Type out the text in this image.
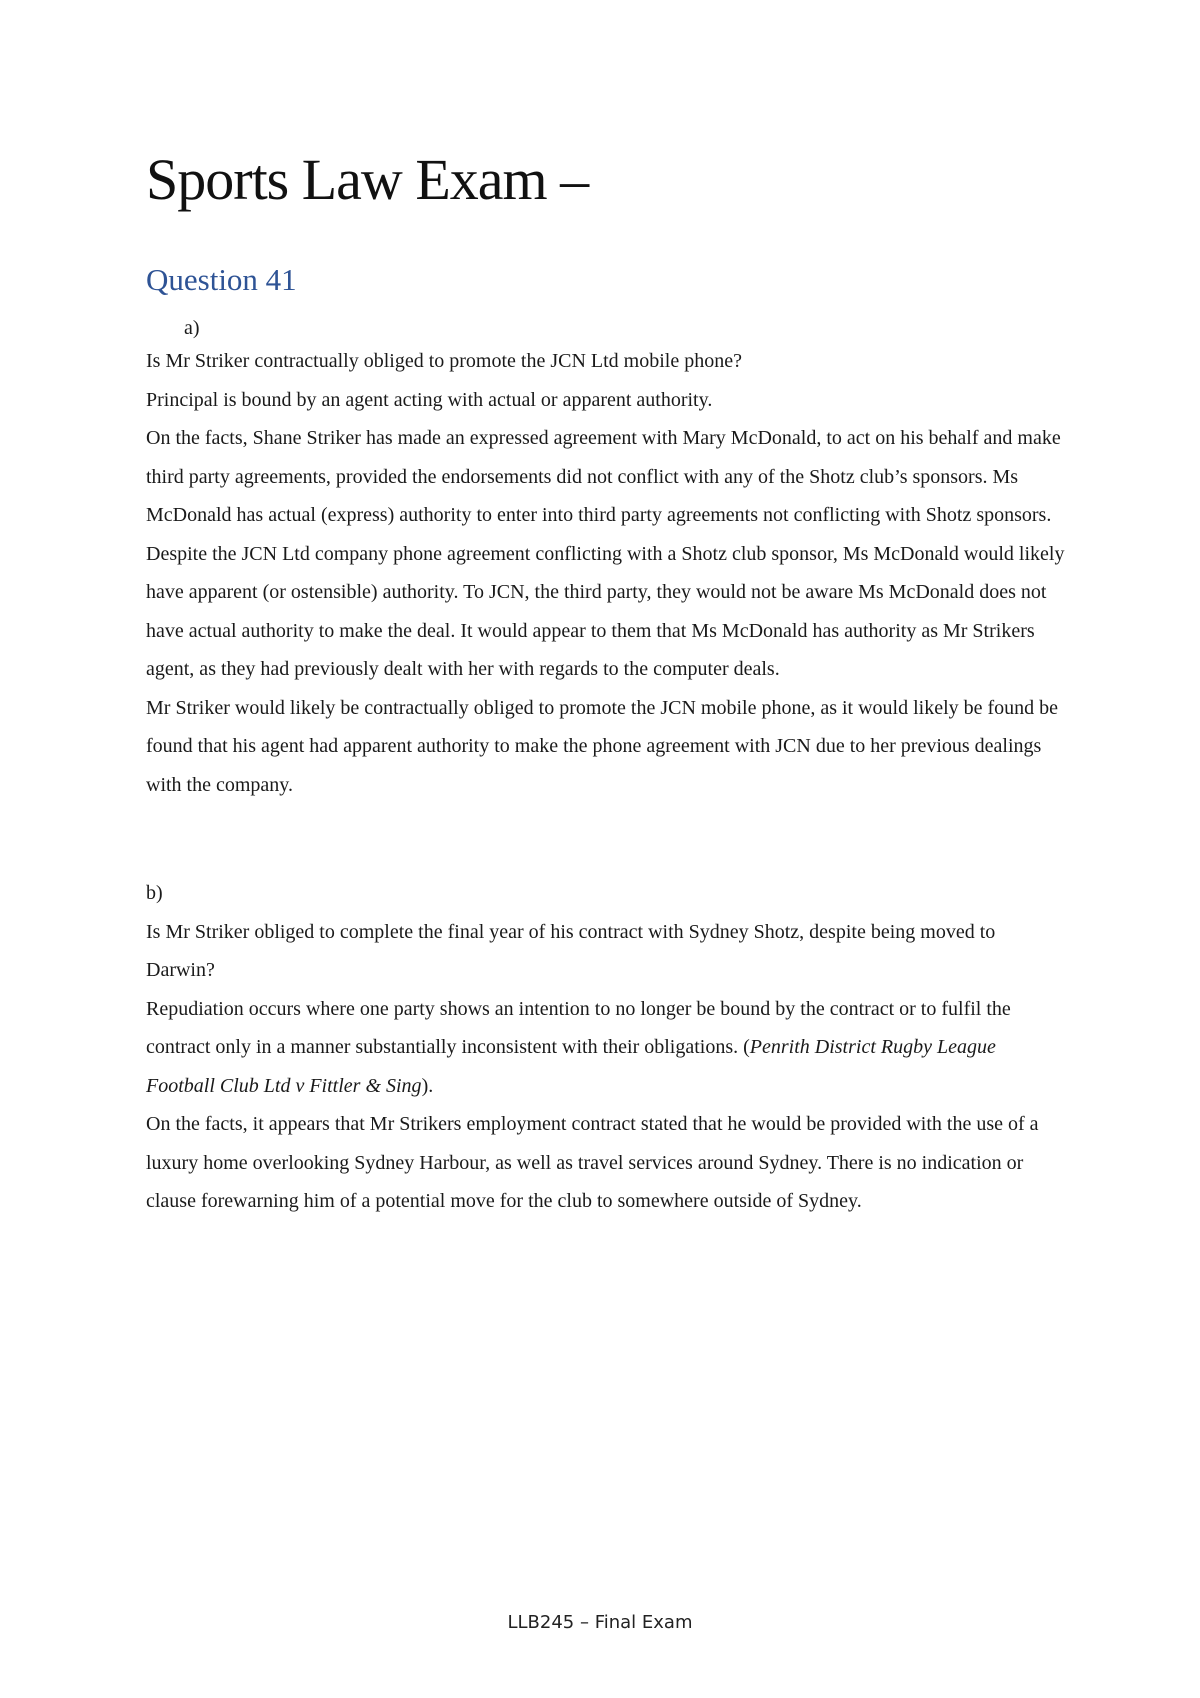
Sports Law Exam –
Question 41
a)

Is Mr Striker contractually obliged to promote the JCN Ltd mobile phone?

Principal is bound by an agent acting with actual or apparent authority.

On the facts, Shane Striker has made an expressed agreement with Mary McDonald, to act on his behalf and make third party agreements, provided the endorsements did not conflict with any of the Shotz club’s sponsors. Ms McDonald has actual (express) authority to enter into third party agreements not conflicting with Shotz sponsors.

Despite the JCN Ltd company phone agreement conflicting with a Shotz club sponsor, Ms McDonald would likely have apparent (or ostensible) authority. To JCN, the third party, they would not be aware Ms McDonald does not have actual authority to make the deal. It would appear to them that Ms McDonald has authority as Mr Strikers agent, as they had previously dealt with her with regards to the computer deals.

Mr Striker would likely be contractually obliged to promote the JCN mobile phone, as it would likely be found be found that his agent had apparent authority to make the phone agreement with JCN due to her previous dealings with the company.

b)

Is Mr Striker obliged to complete the final year of his contract with Sydney Shotz, despite being moved to Darwin?

Repudiation occurs where one party shows an intention to no longer be bound by the contract or to fulfil the contract only in a manner substantially inconsistent with their obligations. (Penrith District Rugby League Football Club Ltd v Fittler & Sing).

On the facts, it appears that Mr Strikers employment contract stated that he would be provided with the use of a luxury home overlooking Sydney Harbour, as well as travel services around Sydney. There is no indication or clause forewarning him of a potential move for the club to somewhere outside of Sydney.

LLB245 – Final Exam
